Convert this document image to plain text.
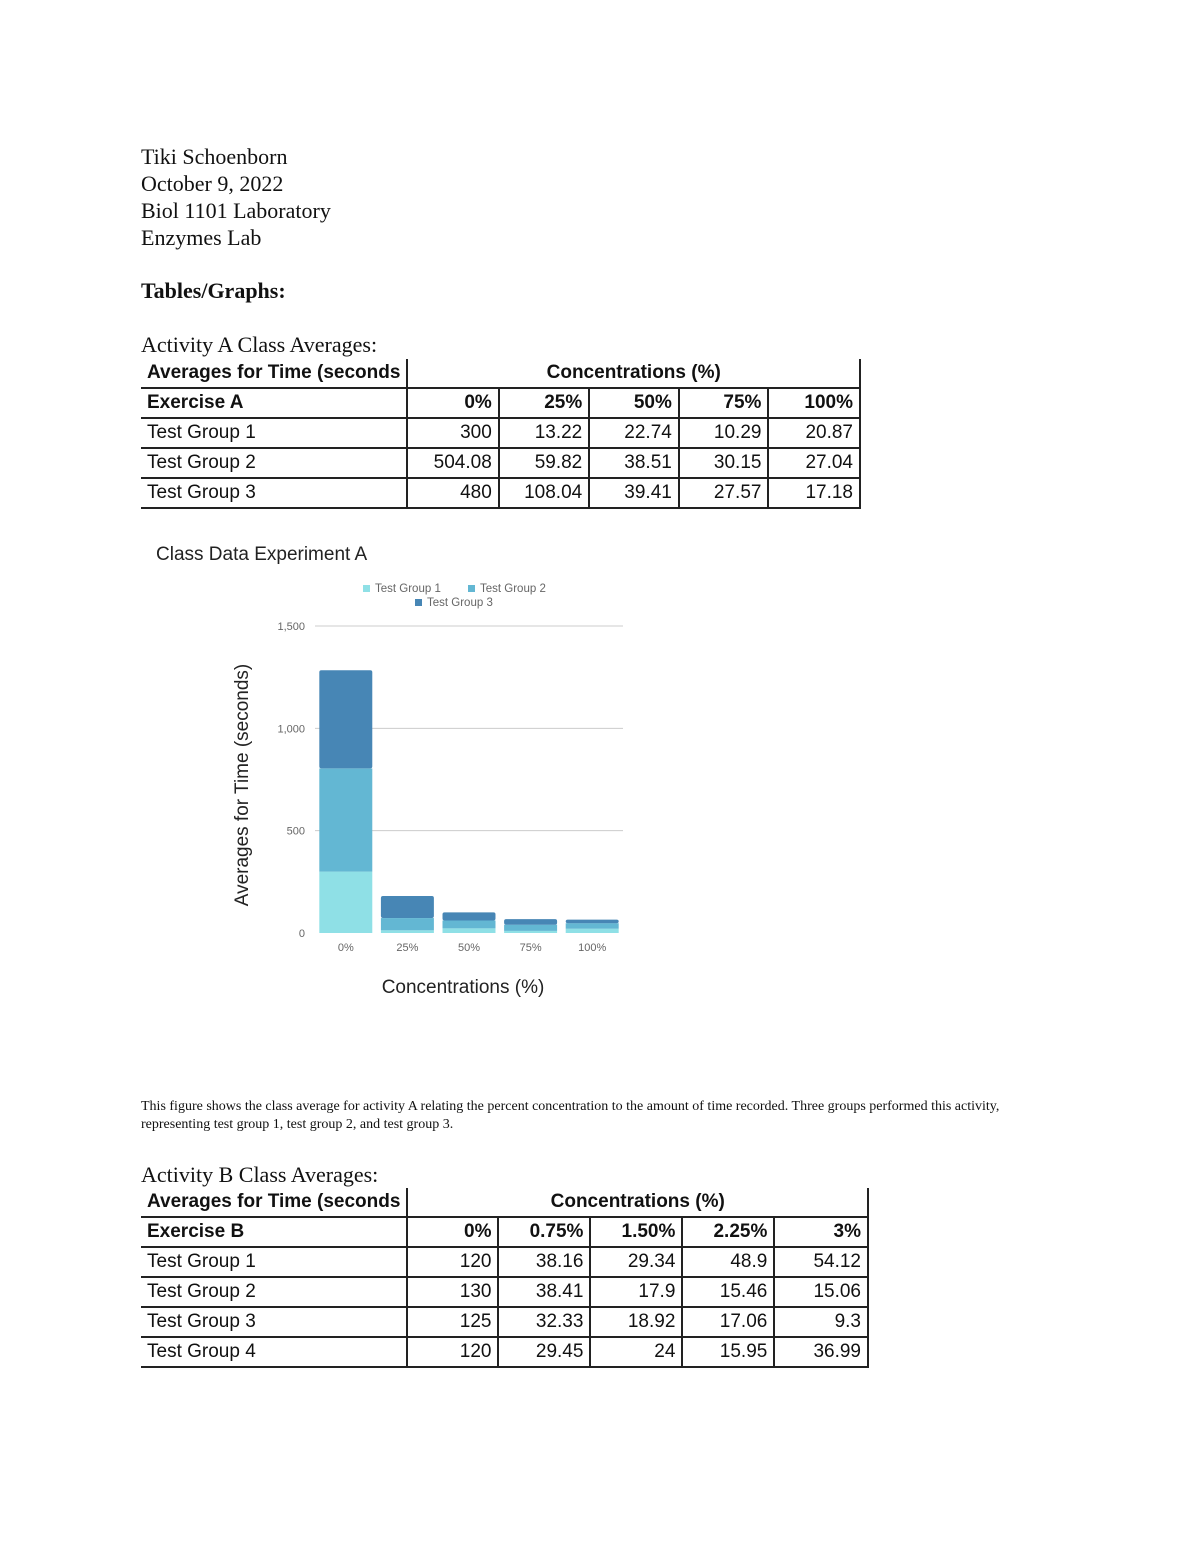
Tiki Schoenborn
October 9, 2022
Biol 1101 Laboratory
Enzymes Lab
Tables/Graphs:
Activity A Class Averages:
Averages for Time (seconds	Concentrations (%)				
Exercise A	0%	25%	50%	75%	100%
Test Group 1	300	13.22	22.74	10.29	20.87
Test Group 2	504.08	59.82	38.51	30.15	27.04
Test Group 3	480	108.04	39.41	27.57	17.18
Class Data Experiment A
Test Group 1	Test Group 2
Test Group 3
0
500
1,000
1,500
0%	25%	50%	75%	100%
Concentrations (%)
Averages for Time (seconds)
This figure shows the class average for activity A relating the percent concentration to the amount of time recorded. Three groups performed this activity, representing test group 1, test group 2, and test group 3.
Activity B Class Averages:
Averages for Time (seconds	Concentrations (%)				
Exercise B	0%	0.75%	1.50%	2.25%	3%
Test Group 1	120	38.16	29.34	48.9	54.12
Test Group 2	130	38.41	17.9	15.46	15.06
Test Group 3	125	32.33	18.92	17.06	9.3
Test Group 4	120	29.45	24	15.95	36.99
